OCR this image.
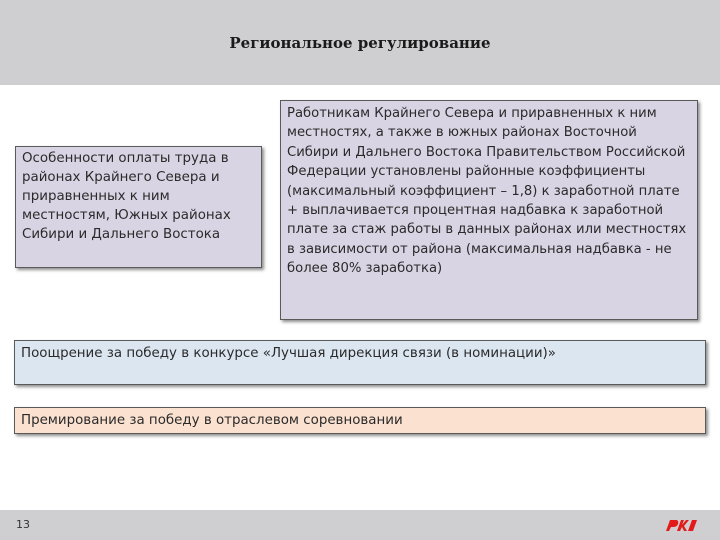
Региональное регулирование
Особенности оплаты труда в районах Крайнего Севера и приравненных к ним местностям, Южных районах Сибири и Дальнего Востока
Работникам Крайнего Севера и приравненных к ним местностях, а также в южных районах Восточной Сибири и Дальнего Востока Правительством Российской Федерации установлены районные коэффициенты (максимальный коэффициент – 1,8) к заработной плате + выплачивается процентная надбавка к заработной плате за стаж работы в данных районах или местностях в зависимости от района (максимальная надбавка - не более 80% заработка)
Поощрение за победу в конкурсе «Лучшая дирекция связи (в номинации)»
Премирование за победу в отраслевом соревновании
13
